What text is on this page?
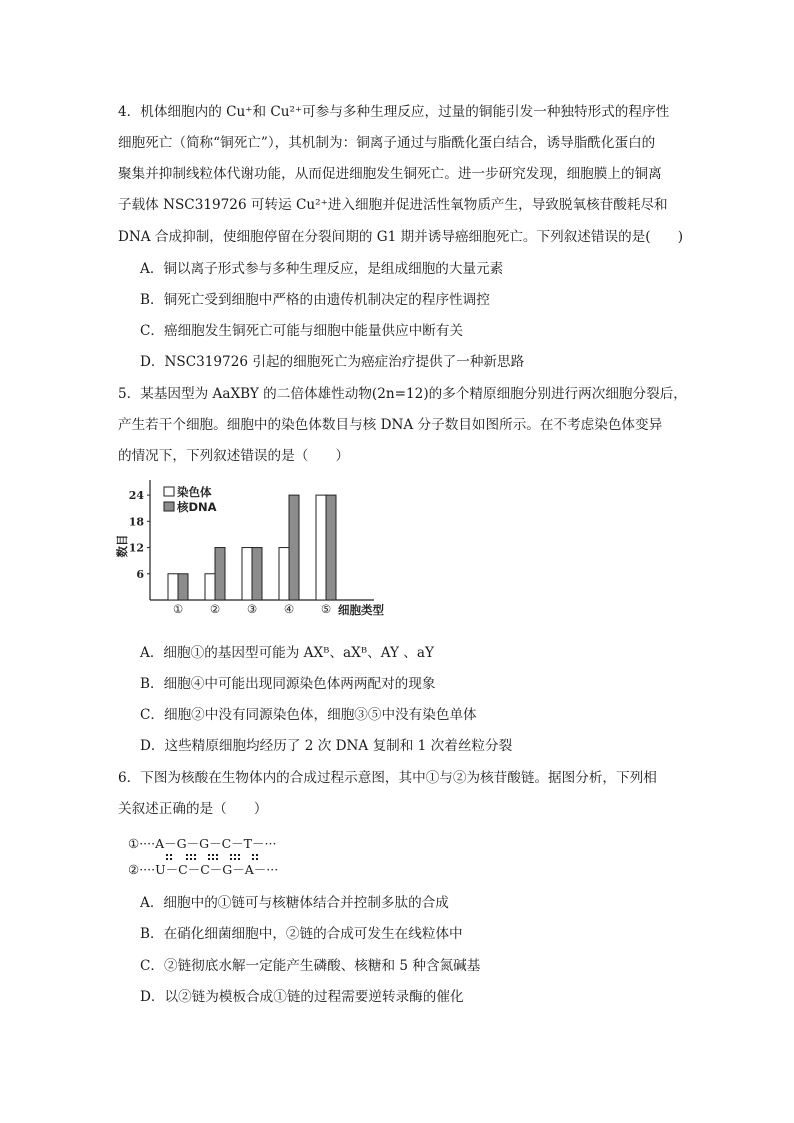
4．机体细胞内的 Cu⁺和 Cu²⁺可参与多种生理反应，过量的铜能引发一种独特形式的程序性
细胞死亡（简称“铜死亡”），其机制为：铜离子通过与脂酰化蛋白结合，诱导脂酰化蛋白的
聚集并抑制线粒体代谢功能，从而促进细胞发生铜死亡。进一步研究发现，细胞膜上的铜离
子载体 NSC319726 可转运 Cu²⁺进入细胞并促进活性氧物质产生，导致脱氧核苷酸耗尽和
DNA 合成抑制，使细胞停留在分裂间期的 G1 期并诱导癌细胞死亡。下列叙述错误的是(　　)
A．铜以离子形式参与多种生理反应，是组成细胞的大量元素
B．铜死亡受到细胞中严格的由遗传机制决定的程序性调控
C．癌细胞发生铜死亡可能与细胞中能量供应中断有关
D．NSC319726 引起的细胞死亡为癌症治疗提供了一种新思路
5．某基因型为 AaXBY 的二倍体雄性动物(2n=12)的多个精原细胞分别进行两次细胞分裂后，
产生若干个细胞。细胞中的染色体数目与核 DNA 分子数目如图所示。在不考虑染色体变异
的情况下，下列叙述错误的是（　　）
6
12
18
24
数目
① ② ③ ④ ⑤ 细胞类型
染色体
核DNA
A．细胞①的基因型可能为 AXᴮ、aXᴮ、AY 、aY
B．细胞④中可能出现同源染色体两两配对的现象
C．细胞②中没有同源染色体，细胞③⑤中没有染色单体
D．这些精原细胞均经历了 2 次 DNA 复制和 1 次着丝粒分裂
6．下图为核酸在生物体内的合成过程示意图，其中①与②为核苷酸链。据图分析，下列相
关叙述正确的是（　　）
①····A－G－G－C－T－···
②····U－C－C－G－A－···
A．细胞中的①链可与核糖体结合并控制多肽的合成
B．在硝化细菌细胞中，②链的合成可发生在线粒体中
C．②链彻底水解一定能产生磷酸、核糖和 5 种含氮碱基
D．以②链为模板合成①链的过程需要逆转录酶的催化
